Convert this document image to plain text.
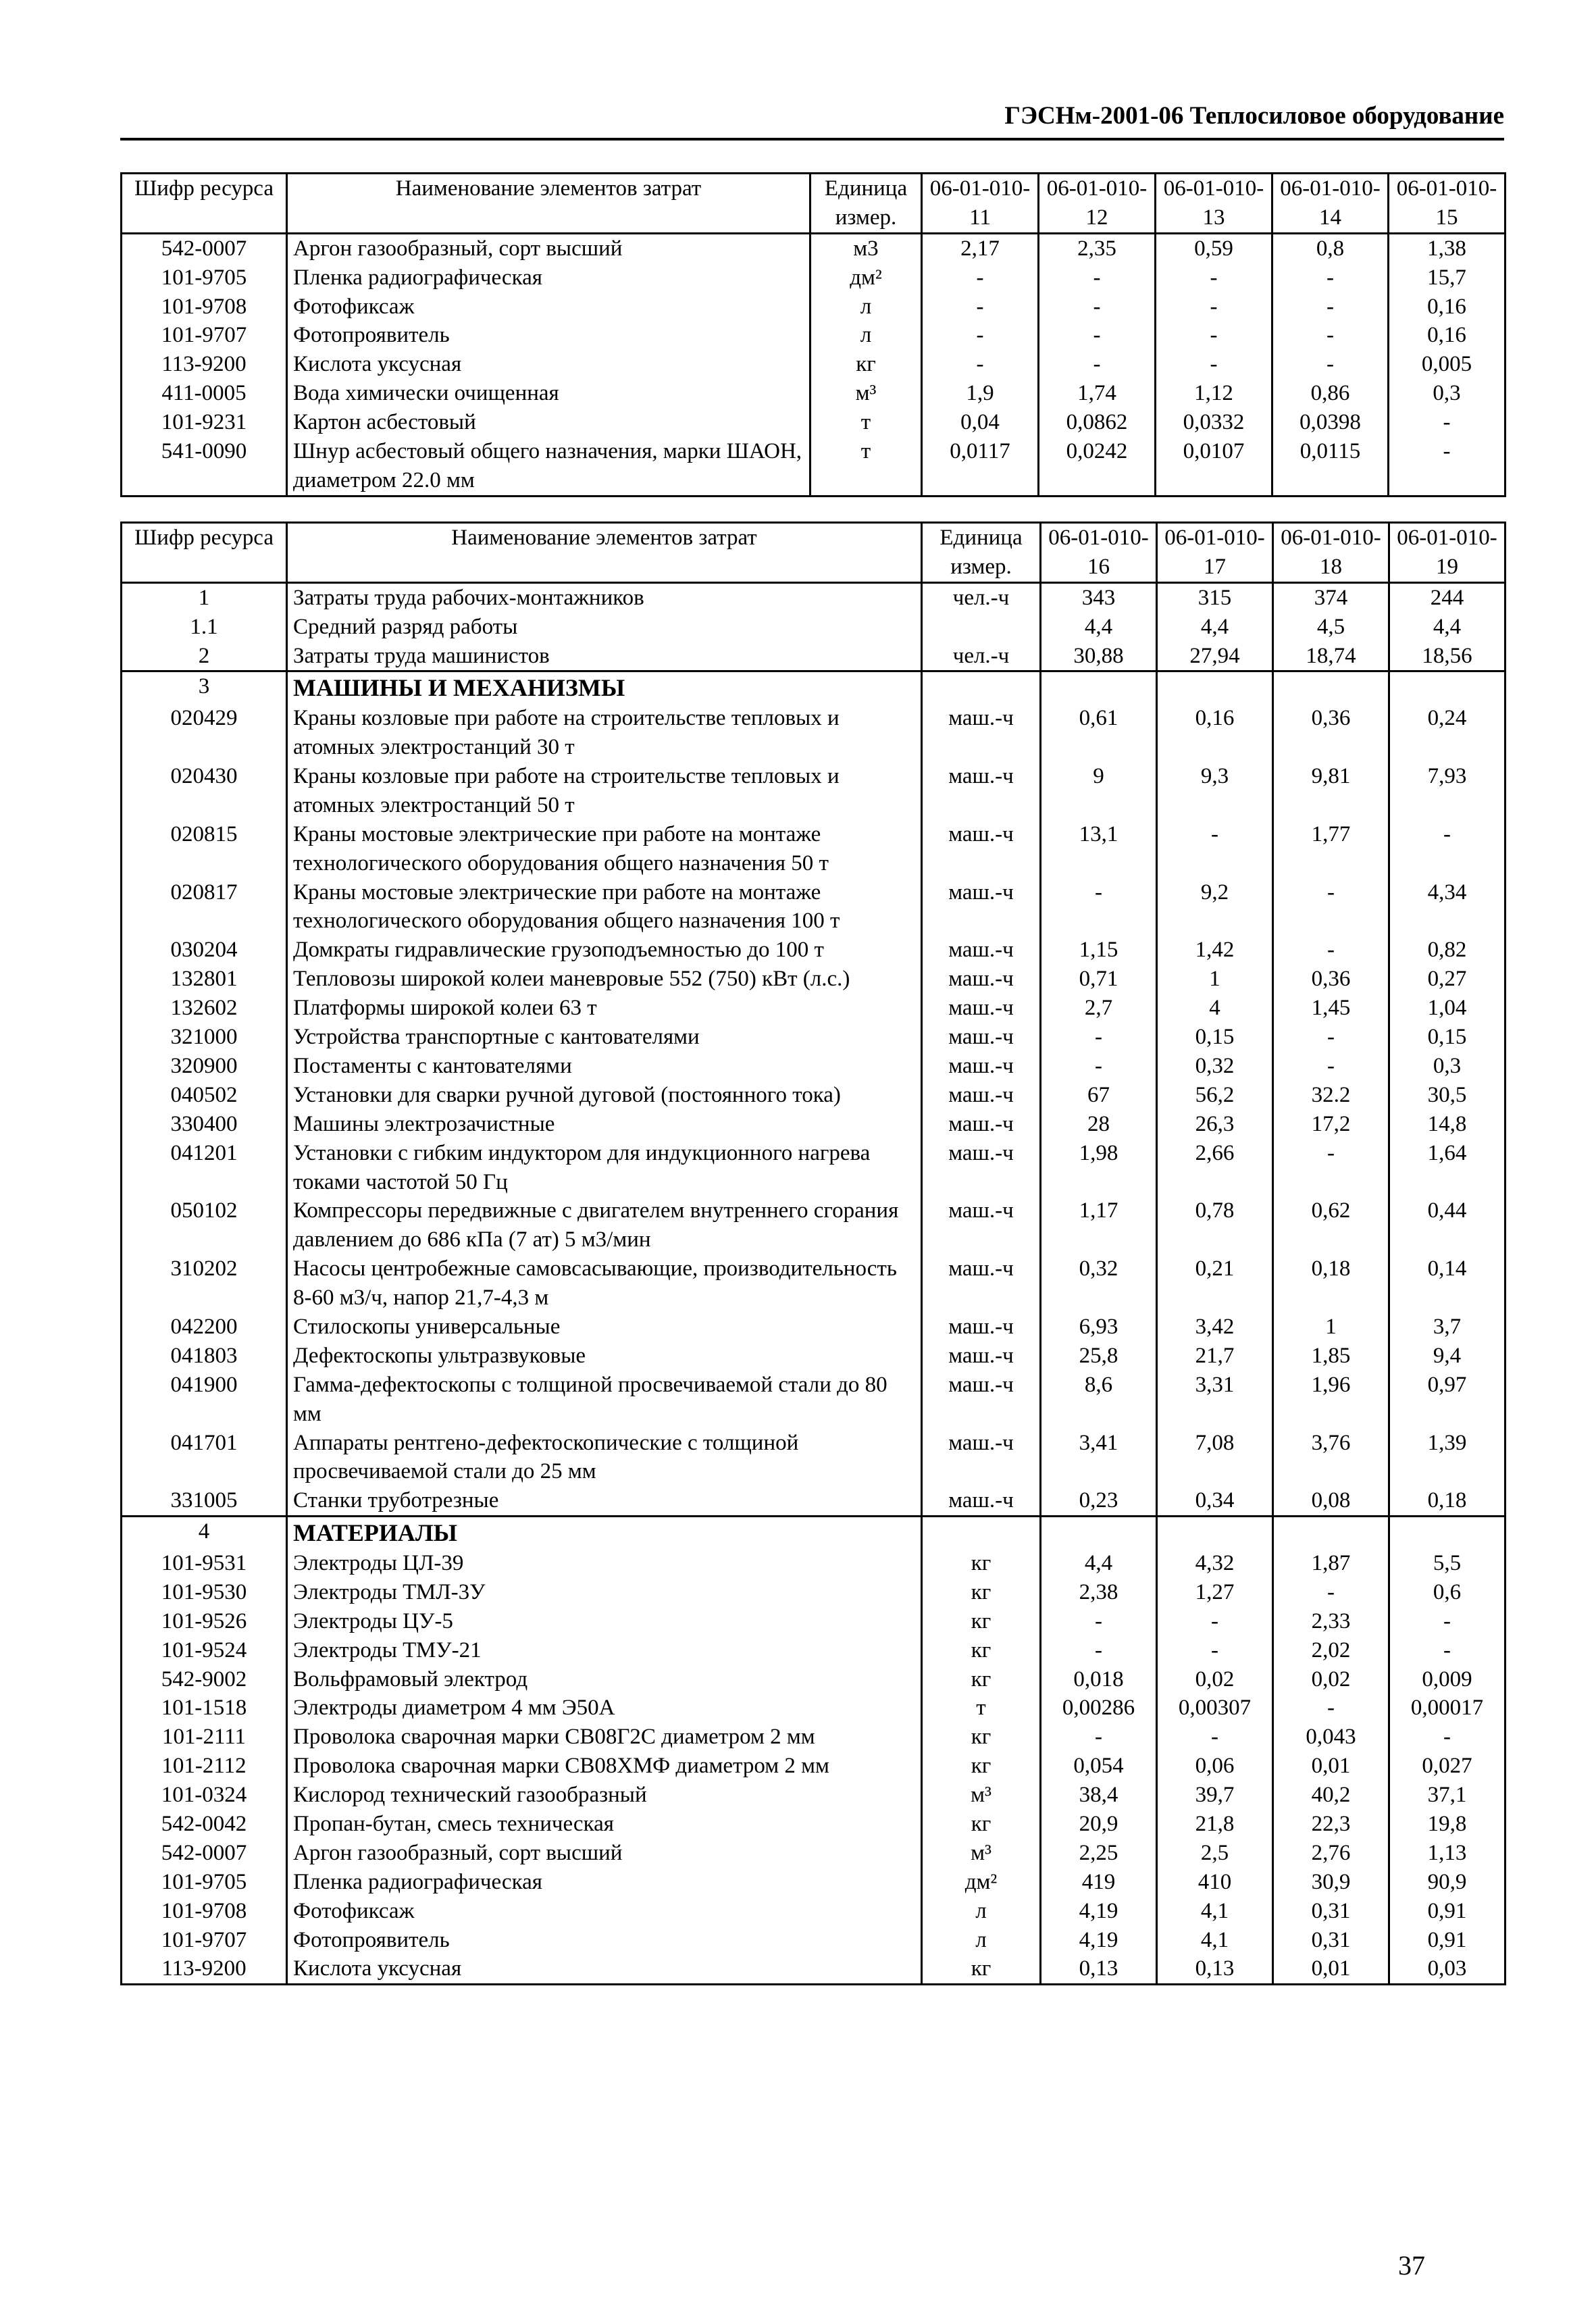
ГЭСНм-2001-06 Теплосиловое оборудование
Шифр ресурса	Наименование элементов затрат	Единица измер.	06-01-010-11	06-01-010-12	06-01-010-13	06-01-010-14	06-01-010-15
542-0007	Аргон газообразный, сорт высший	м3	2,17	2,35	0,59	0,8	1,38
101-9705	Пленка радиографическая	дм²	-	-	-	-	15,7
101-9708	Фотофиксаж	л	-	-	-	-	0,16
101-9707	Фотопроявитель	л	-	-	-	-	0,16
113-9200	Кислота уксусная	кг	-	-	-	-	0,005
411-0005	Вода химически очищенная	м³	1,9	1,74	1,12	0,86	0,3
101-9231	Картон асбестовый	т	0,04	0,0862	0,0332	0,0398	-
541-0090	Шнур асбестовый общего назначения, марки ШАОН, диаметром 22.0 мм	т	0,0117	0,0242	0,0107	0,0115	-
Шифр ресурса	Наименование элементов затрат	Единица измер.	06-01-010-16	06-01-010-17	06-01-010-18	06-01-010-19
1	Затраты труда рабочих-монтажников	чел.-ч	343	315	374	244
1.1	Средний разряд работы		4,4	4,4	4,5	4,4
2	Затраты труда машинистов	чел.-ч	30,88	27,94	18,74	18,56
3	МАШИНЫ И МЕХАНИЗМЫ					
020429	Краны козловые при работе на строительстве тепловых и атомных электростанций 30 т	маш.-ч	0,61	0,16	0,36	0,24
020430	Краны козловые при работе на строительстве тепловых и атомных электростанций 50 т	маш.-ч	9	9,3	9,81	7,93
020815	Краны мостовые электрические при работе на монтаже технологического оборудования общего назначения 50 т	маш.-ч	13,1	-	1,77	-
020817	Краны мостовые электрические при работе на монтаже технологического оборудования общего назначения 100 т	маш.-ч	-	9,2	-	4,34
030204	Домкраты гидравлические грузоподъемностью до 100 т	маш.-ч	1,15	1,42	-	0,82
132801	Тепловозы широкой колеи маневровые 552 (750) кВт (л.с.)	маш.-ч	0,71	1	0,36	0,27
132602	Платформы широкой колеи 63 т	маш.-ч	2,7	4	1,45	1,04
321000	Устройства транспортные с кантователями	маш.-ч	-	0,15	-	0,15
320900	Постаменты с кантователями	маш.-ч	-	0,32	-	0,3
040502	Установки для сварки ручной дуговой (постоянного тока)	маш.-ч	67	56,2	32.2	30,5
330400	Машины электрозачистные	маш.-ч	28	26,3	17,2	14,8
041201	Установки с гибким индуктором для индукционного нагрева токами частотой 50 Гц	маш.-ч	1,98	2,66	-	1,64
050102	Компрессоры передвижные с двигателем внутреннего сгорания давлением до 686 кПа (7 ат) 5 м3/мин	маш.-ч	1,17	0,78	0,62	0,44
310202	Насосы центробежные самовсасывающие, производительность 8-60 м3/ч, напор 21,7-4,3 м	маш.-ч	0,32	0,21	0,18	0,14
042200	Стилоскопы универсальные	маш.-ч	6,93	3,42	1	3,7
041803	Дефектоскопы ультразвуковые	маш.-ч	25,8	21,7	1,85	9,4
041900	Гамма-дефектоскопы с толщиной просвечиваемой стали до 80 мм	маш.-ч	8,6	3,31	1,96	0,97
041701	Аппараты рентгено-дефектоскопические с толщиной просвечиваемой стали до 25 мм	маш.-ч	3,41	7,08	3,76	1,39
331005	Станки труботрезные	маш.-ч	0,23	0,34	0,08	0,18
4	МАТЕРИАЛЫ					
101-9531	Электроды ЦЛ-39	кг	4,4	4,32	1,87	5,5
101-9530	Электроды ТМЛ-3У	кг	2,38	1,27	-	0,6
101-9526	Электроды ЦУ-5	кг	-	-	2,33	-
101-9524	Электроды ТМУ-21	кг	-	-	2,02	-
542-9002	Вольфрамовый электрод	кг	0,018	0,02	0,02	0,009
101-1518	Электроды диаметром 4 мм Э50А	т	0,00286	0,00307	-	0,00017
101-2111	Проволока сварочная марки СВ08Г2С диаметром 2 мм	кг	-	-	0,043	-
101-2112	Проволока сварочная марки СВ08ХМФ диаметром 2 мм	кг	0,054	0,06	0,01	0,027
101-0324	Кислород технический газообразный	м³	38,4	39,7	40,2	37,1
542-0042	Пропан-бутан, смесь техническая	кг	20,9	21,8	22,3	19,8
542-0007	Аргон газообразный, сорт высший	м³	2,25	2,5	2,76	1,13
101-9705	Пленка радиографическая	дм²	419	410	30,9	90,9
101-9708	Фотофиксаж	л	4,19	4,1	0,31	0,91
101-9707	Фотопроявитель	л	4,19	4,1	0,31	0,91
113-9200	Кислота уксусная	кг	0,13	0,13	0,01	0,03
37
